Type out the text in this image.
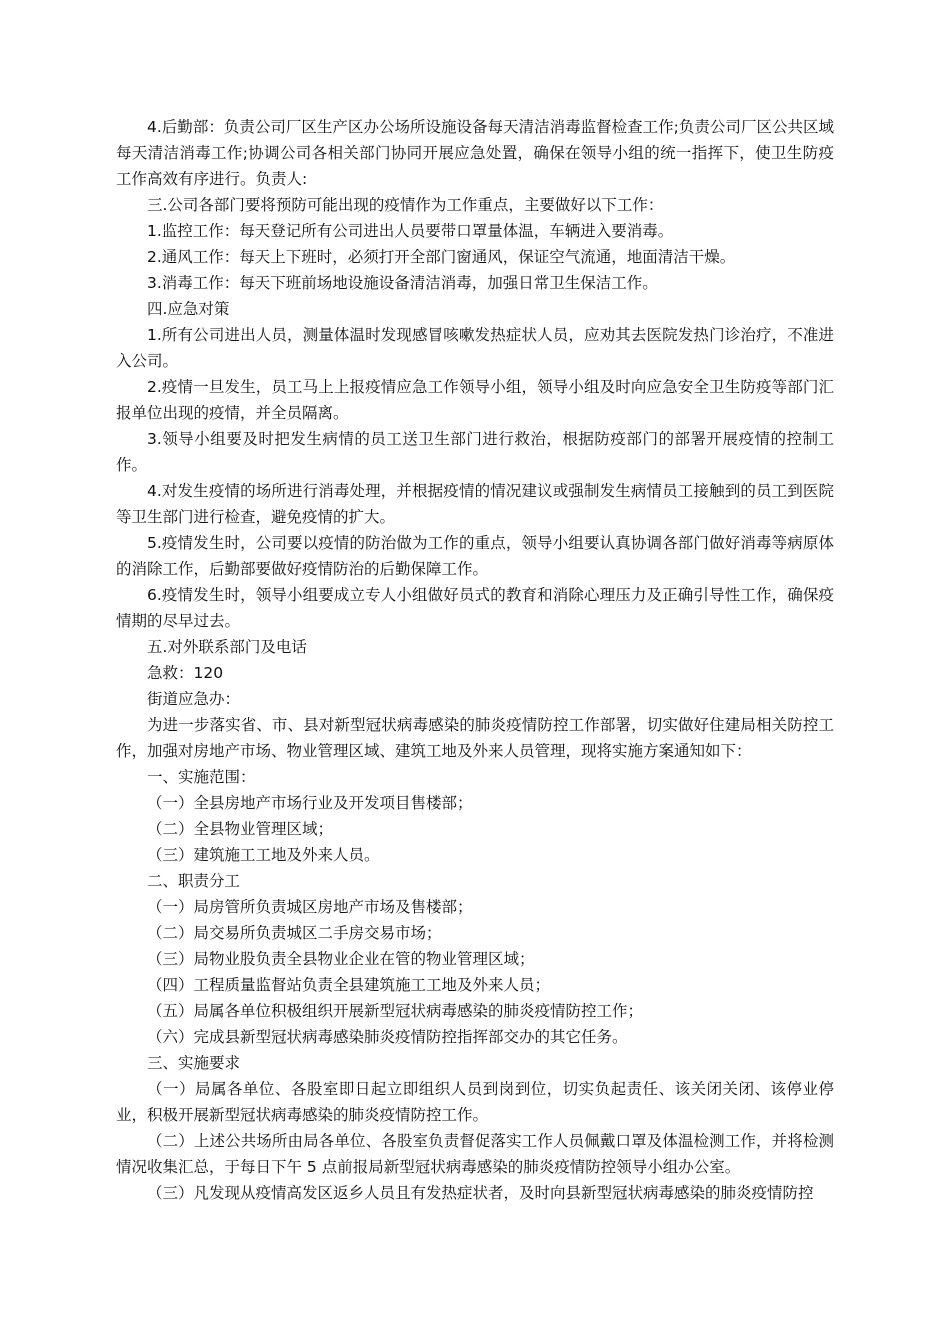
4.后勤部：负责公司厂区生产区办公场所设施设备每天清洁消毒监督检查工作;负责公司厂区公共区域每天清洁消毒工作;协调公司各相关部门协同开展应急处置，确保在领导小组的统一指挥下，使卫生防疫工作高效有序进行。负责人:

三.公司各部门要将预防可能出现的疫情作为工作重点，主要做好以下工作：

1.监控工作：每天登记所有公司进出人员要带口罩量体温，车辆进入要消毒。

2.通风工作：每天上下班时，必须打开全部门窗通风，保证空气流通，地面清洁干燥。

3.消毒工作：每天下班前场地设施设备清洁消毒，加强日常卫生保洁工作。

四.应急对策

1.所有公司进出人员，测量体温时发现感冒咳嗽发热症状人员，应劝其去医院发热门诊治疗，不准进入公司。

2.疫情一旦发生，员工马上上报疫情应急工作领导小组，领导小组及时向应急安全卫生防疫等部门汇报单位出现的疫情，并全员隔离。

3.领导小组要及时把发生病情的员工送卫生部门进行救治，根据防疫部门的部署开展疫情的控制工作。

4.对发生疫情的场所进行消毒处理，并根据疫情的情况建议或强制发生病情员工接触到的员工到医院等卫生部门进行检查，避免疫情的扩大。

5.疫情发生时，公司要以疫情的防治做为工作的重点，领导小组要认真协调各部门做好消毒等病原体的消除工作，后勤部要做好疫情防治的后勤保障工作。

6.疫情发生时，领导小组要成立专人小组做好员式的教育和消除心理压力及正确引导性工作，确保疫情期的尽早过去。

五.对外联系部门及电话

急救：120

街道应急办：

为进一步落实省、市、县对新型冠状病毒感染的肺炎疫情防控工作部署，切实做好住建局相关防控工作，加强对房地产市场、物业管理区域、建筑工地及外来人员管理，现将实施方案通知如下：

一、实施范围：

（一）全县房地产市场行业及开发项目售楼部；

（二）全县物业管理区域；

（三）建筑施工工地及外来人员。

二、职责分工

（一）局房管所负责城区房地产市场及售楼部；

（二）局交易所负责城区二手房交易市场；

（三）局物业股负责全县物业企业在管的物业管理区域；

（四）工程质量监督站负责全县建筑施工工地及外来人员；

（五）局属各单位积极组织开展新型冠状病毒感染的肺炎疫情防控工作；

（六）完成县新型冠状病毒感染肺炎疫情防控指挥部交办的其它任务。

三、实施要求

（一）局属各单位、各股室即日起立即组织人员到岗到位，切实负起责任、该关闭关闭、该停业停业，积极开展新型冠状病毒感染的肺炎疫情防控工作。

（二）上述公共场所由局各单位、各股室负责督促落实工作人员佩戴口罩及体温检测工作，并将检测情况收集汇总，于每日下午 5 点前报局新型冠状病毒感染的肺炎疫情防控领导小组办公室。

（三）凡发现从疫情高发区返乡人员且有发热症状者，及时向县新型冠状病毒感染的肺炎疫情防控
